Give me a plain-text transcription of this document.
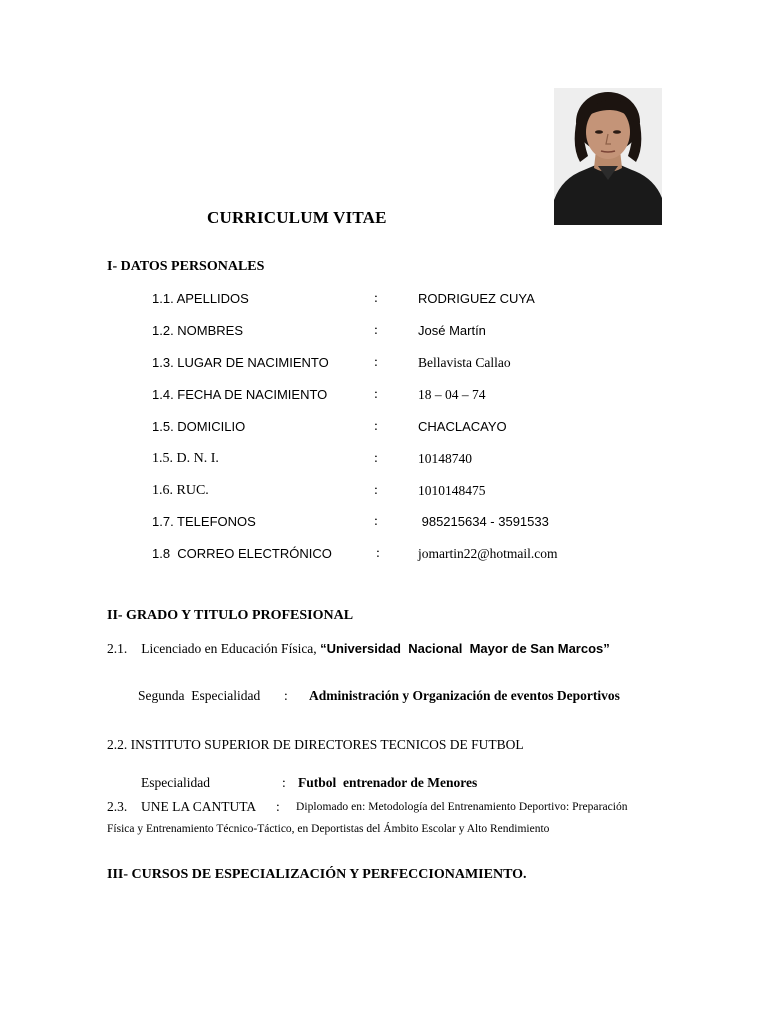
CURRICULUM VITAE
I- DATOS PERSONALES
1.1. APELLIDOS	:	RODRIGUEZ CUYA
1.2. NOMBRES	:	José Martín
1.3. LUGAR DE NACIMIENTO	:	Bellavista Callao
1.4. FECHA DE NACIMIENTO	:	18 – 04 – 74
1.5. DOMICILIO	:	CHACLACAYO
1.5. D. N. I.	:	10148740
1.6. RUC.	:	1010148475
1.7. TELEFONOS	:	985215634 - 3591533
1.8  CORREO ELECTRÓNICO	:	jomartin22@hotmail.com
II- GRADO Y TITULO PROFESIONAL
2.1. Licenciado en Educación Física, “Universidad  Nacional  Mayor de San Marcos”
Segunda  Especialidad : Administración y Organización de eventos Deportivos
2.2. INSTITUTO SUPERIOR DE DIRECTORES TECNICOS DE FUTBOL
Especialidad	: Futbol  entrenador de Menores
2.3. UNE LA CANTUTA : Diplomado en: Metodología del Entrenamiento Deportivo: Preparación
Física y Entrenamiento Técnico-Táctico, en Deportistas del Ámbito Escolar y Alto Rendimiento
III- CURSOS DE ESPECIALIZACIÓN Y PERFECCIONAMIENTO.
